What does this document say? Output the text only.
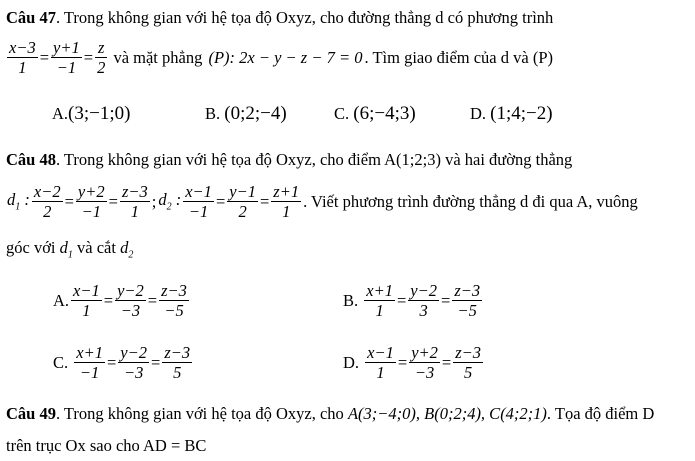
Câu 47. Trong không gian với hệ tọa độ Oxyz, cho đường thẳng d có phương trình
$\frac{x-3}{1} = \frac{y+1}{-1} = \frac{z}{2}$ và mặt phẳng (P): 2x − y − z − 7 = 0 . Tìm giao điểm của d và (P)
A.(3;−1;0)	B. (0;2;−4)	C. (6;−4;3)	D. (1;4;−2)
Câu 48. Trong không gian với hệ tọa độ Oxyz, cho điểm A(1;2;3) và hai đường thẳng
$d_1$ : $\frac{x-2}{2} = \frac{y+2}{-1} = \frac{z-3}{1}$ ; $d_2$ : $\frac{x-1}{-1} = \frac{y-1}{2} = \frac{z+1}{1}$ . Viết phương trình đường thẳng d đi qua A, vuông
góc với $d_1$ và cắt $d_2$
A. $\frac{x-1}{1} = \frac{y-2}{-3} = \frac{z-3}{-5}$	B. $\frac{x+1}{1} = \frac{y-2}{3} = \frac{z-3}{-5}$
C. $\frac{x+1}{-1} = \frac{y-2}{-3} = \frac{z-3}{5}$	D. $\frac{x-1}{1} = \frac{y+2}{-3} = \frac{z-3}{5}$
Câu 49. Trong không gian với hệ tọa độ Oxyz, cho A(3;−4;0), B(0;2;4), C(4;2;1). Tọa độ điểm D
trên trục Ox sao cho AD = BC
